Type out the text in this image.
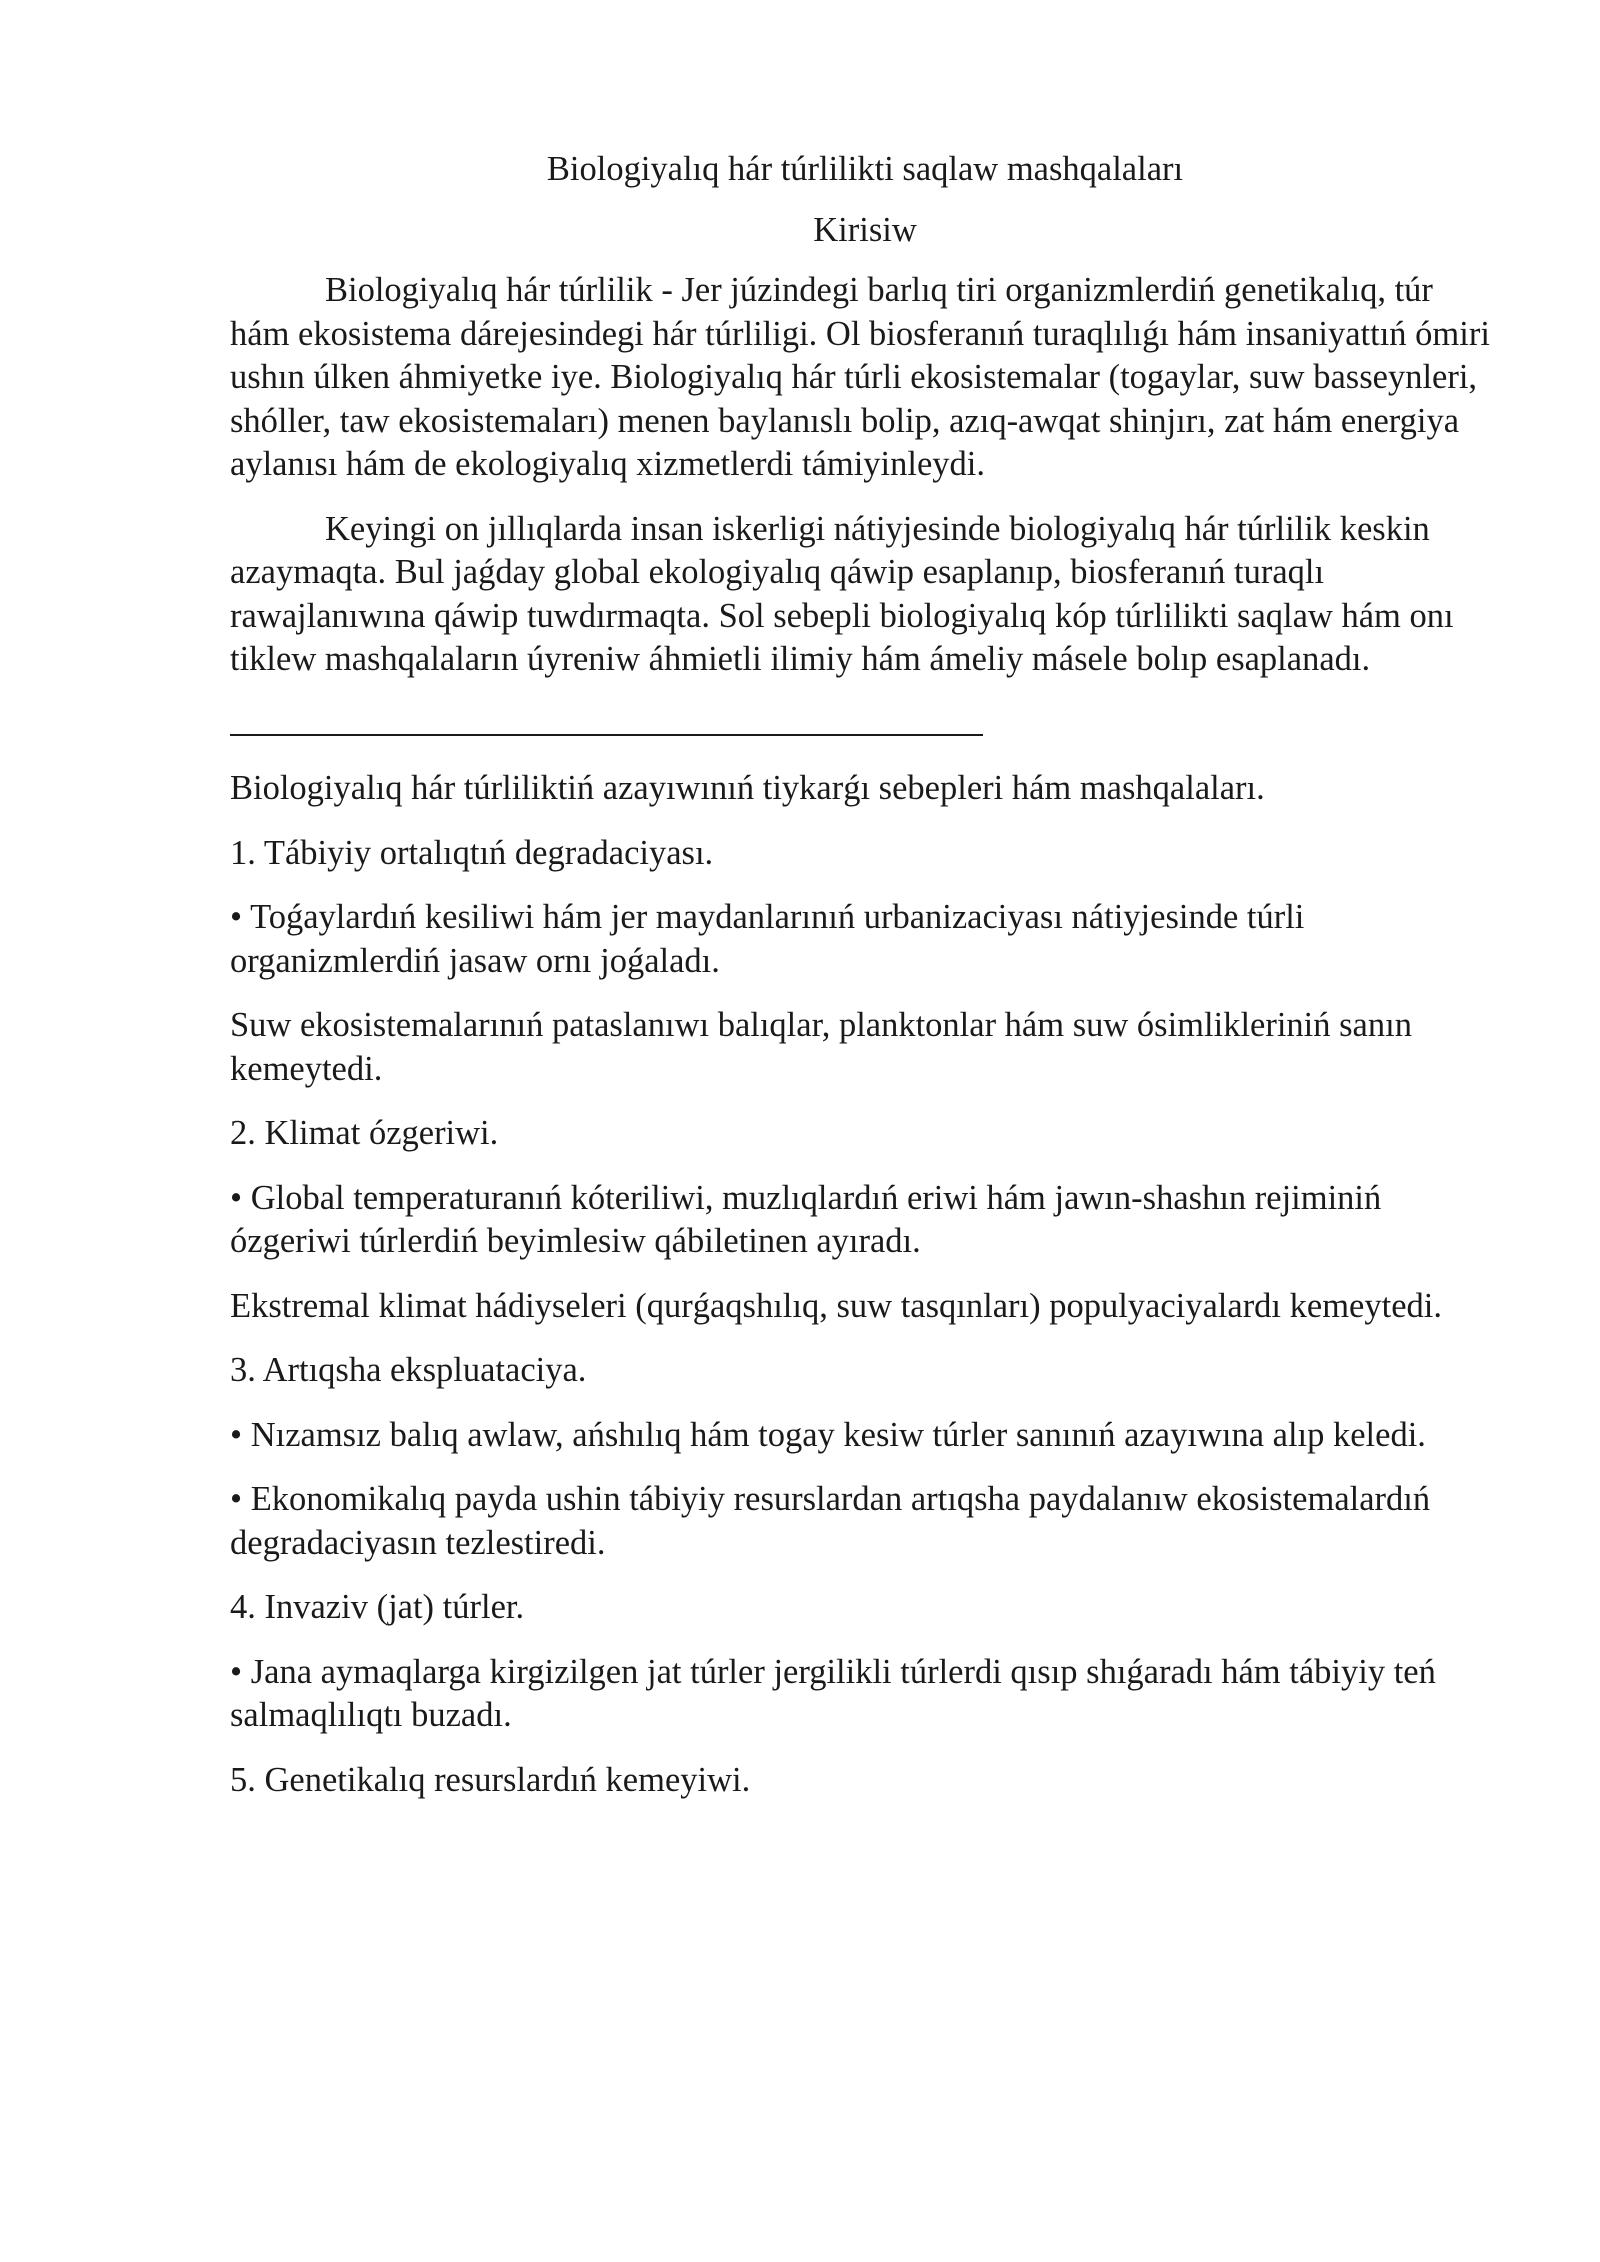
Biologiyalıq hár túrlilikti saqlaw mashqalaları

Kirisiw

Biologiyalıq hár túrlilik - Jer júzindegi barlıq tiri organizmlerdiń genetikalıq, túr hám ekosistema dárejesindegi hár túrliligi. Ol biosferanıń turaqlılıǵı hám insaniyattıń ómiri ushın úlken áhmiyetke iye. Biologiyalıq hár túrli ekosistemalar (togaylar, suw basseynleri, shóller, taw ekosistemaları) menen baylanıslı bolip, azıq-awqat shinjırı, zat hám energiya aylanısı hám de ekologiyalıq xizmetlerdi támiyinleydi.

Keyingi on jıllıqlarda insan iskerligi nátiyjesinde biologiyalıq hár túrlilik keskin azaymaqta. Bul jaǵday global ekologiyalıq qáwip esaplanıp, biosferanıń turaqlı rawajlanıwına qáwip tuwdırmaqta. Sol sebepli biologiyalıq kóp túrlilikti saqlaw hám onı tiklew mashqalaların úyreniw áhmietli ilimiy hám ámeliy másele bolıp esaplanadı.

Biologiyalıq hár túrliliktiń azayıwınıń tiykarǵı sebepleri hám mashqalaları.

1. Tábiyiy ortalıqtıń degradaciyası.

• Toǵaylardıń kesiliwi hám jer maydanlarınıń urbanizaciyası nátiyjesinde túrli organizmlerdiń jasaw ornı joǵaladı.

Suw ekosistemalarınıń pataslanıwı balıqlar, planktonlar hám suw ósimlikleriniń sanın kemeytedi.

2. Klimat ózgeriwi.

• Global temperaturanıń kóteriliwi, muzlıqlardıń eriwi hám jawın-shashın rejiminiń ózgeriwi túrlerdiń beyimlesiw qábiletinen ayıradı.

Ekstremal klimat hádiyseleri (qurǵaqshılıq, suw tasqınları) populyaciyalardı kemeytedi.

3. Artıqsha ekspluataciya.

• Nızamsız balıq awlaw, ańshılıq hám togay kesiw túrler sanınıń azayıwına alıp keledi.

• Ekonomikalıq payda ushin tábiyiy resurslardan artıqsha paydalanıw ekosistemalardıń degradaciyasın tezlestiredi.

4. Invaziv (jat) túrler.

• Jana aymaqlarga kirgizilgen jat túrler jergilikli túrlerdi qısıp shıǵaradı hám tábiyiy teń salmaqlılıqtı buzadı.

5. Genetikalıq resurslardıń kemeyiwi.
